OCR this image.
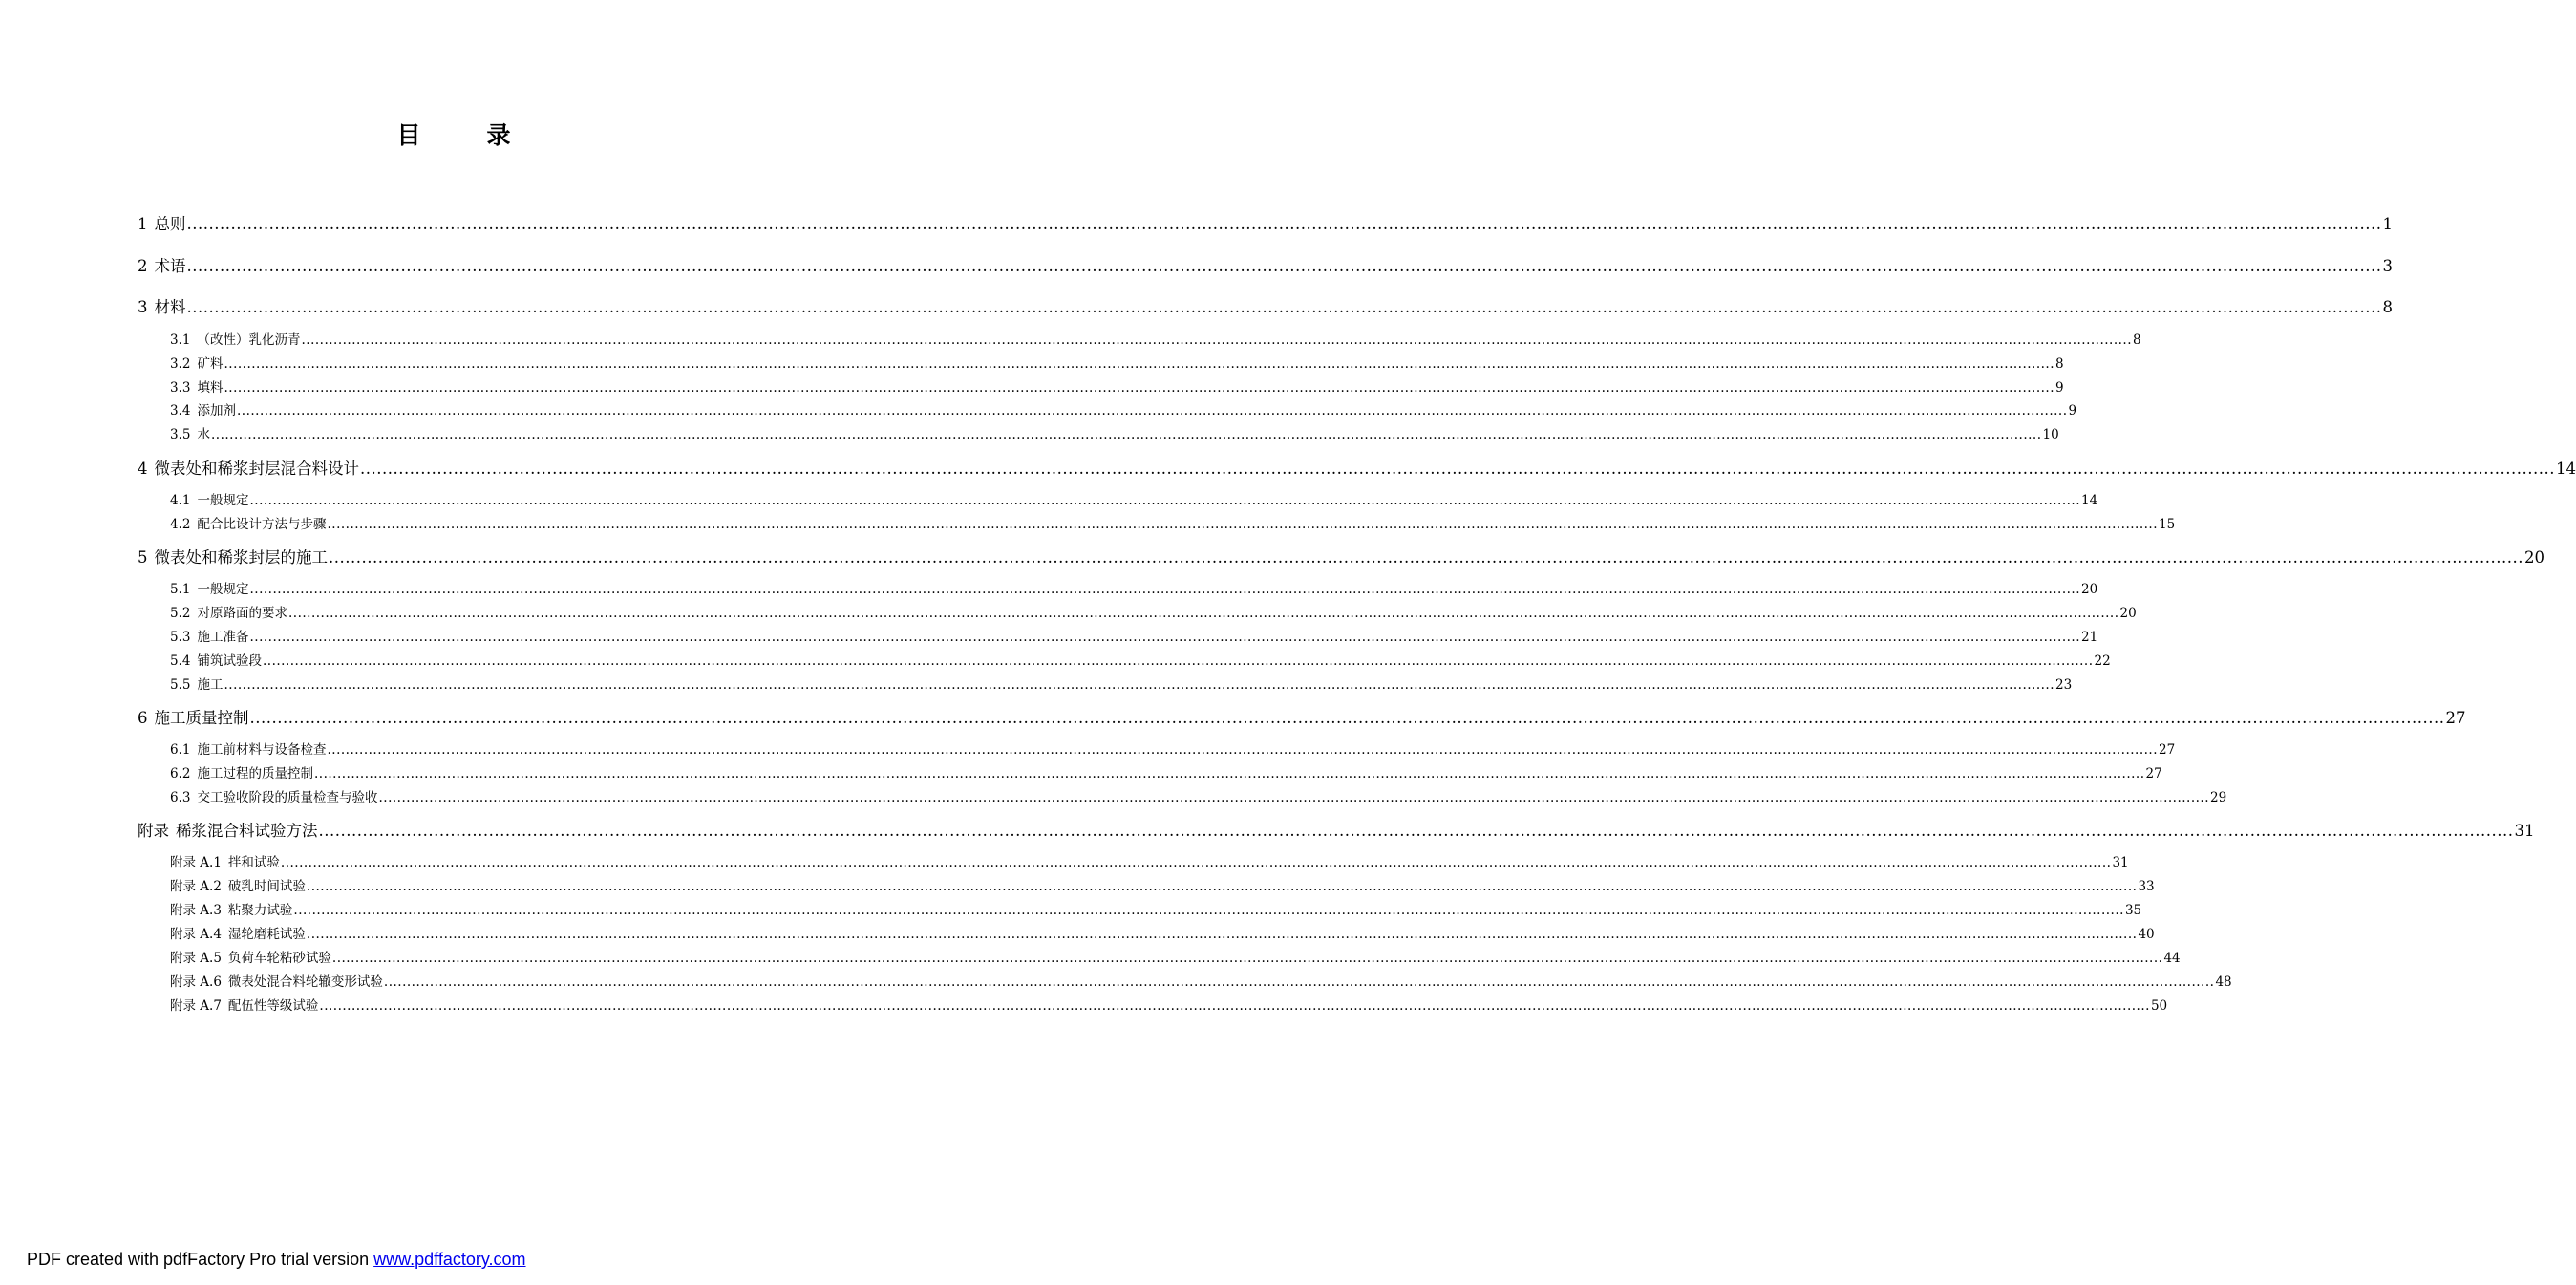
目　录
1 总则 ................................................................................................................................................................................................................................................................................................................................................................................................................ 1
2 术语 ................................................................................................................................................................................................................................................................................................................................................................................................................ 3
3 材料 ................................................................................................................................................................................................................................................................................................................................................................................................................ 8
3.1 （改性）乳化沥青 ................................................................................................................................................................................................................................................................................................................................................................................................................ 8
3.2 矿料 ................................................................................................................................................................................................................................................................................................................................................................................................................ 8
3.3 填料 ................................................................................................................................................................................................................................................................................................................................................................................................................ 9
3.4 添加剂 ................................................................................................................................................................................................................................................................................................................................................................................................................ 9
3.5 水 ................................................................................................................................................................................................................................................................................................................................................................................................................ 10
4 微表处和稀浆封层混合料设计 ................................................................................................................................................................................................................................................................................................................................................................................................................ 14
4.1 一般规定 ................................................................................................................................................................................................................................................................................................................................................................................................................ 14
4.2 配合比设计方法与步骤 ................................................................................................................................................................................................................................................................................................................................................................................................................ 15
5 微表处和稀浆封层的施工 ................................................................................................................................................................................................................................................................................................................................................................................................................ 20
5.1 一般规定 ................................................................................................................................................................................................................................................................................................................................................................................................................ 20
5.2 对原路面的要求 ................................................................................................................................................................................................................................................................................................................................................................................................................ 20
5.3 施工准备 ................................................................................................................................................................................................................................................................................................................................................................................................................ 21
5.4 铺筑试验段 ................................................................................................................................................................................................................................................................................................................................................................................................................ 22
5.5 施工 ................................................................................................................................................................................................................................................................................................................................................................................................................ 23
6 施工质量控制 ................................................................................................................................................................................................................................................................................................................................................................................................................ 27
6.1 施工前材料与设备检查 ................................................................................................................................................................................................................................................................................................................................................................................................................ 27
6.2 施工过程的质量控制 ................................................................................................................................................................................................................................................................................................................................................................................................................ 27
6.3 交工验收阶段的质量检查与验收 ................................................................................................................................................................................................................................................................................................................................................................................................................ 29
附录 稀浆混合料试验方法 ................................................................................................................................................................................................................................................................................................................................................................................................................ 31
附录 A.1 拌和试验 ................................................................................................................................................................................................................................................................................................................................................................................................................ 31
附录 A.2 破乳时间试验 ................................................................................................................................................................................................................................................................................................................................................................................................................ 33
附录 A.3 粘聚力试验 ................................................................................................................................................................................................................................................................................................................................................................................................................ 35
附录 A.4 湿轮磨耗试验 ................................................................................................................................................................................................................................................................................................................................................................................................................ 40
附录 A.5 负荷车轮粘砂试验 ................................................................................................................................................................................................................................................................................................................................................................................................................ 44
附录 A.6 微表处混合料轮辙变形试验 ................................................................................................................................................................................................................................................................................................................................................................................................................ 48
附录 A.7 配伍性等级试验 ................................................................................................................................................................................................................................................................................................................................................................................................................ 50
PDF created with pdfFactory Pro trial version www.pdffactory.com
